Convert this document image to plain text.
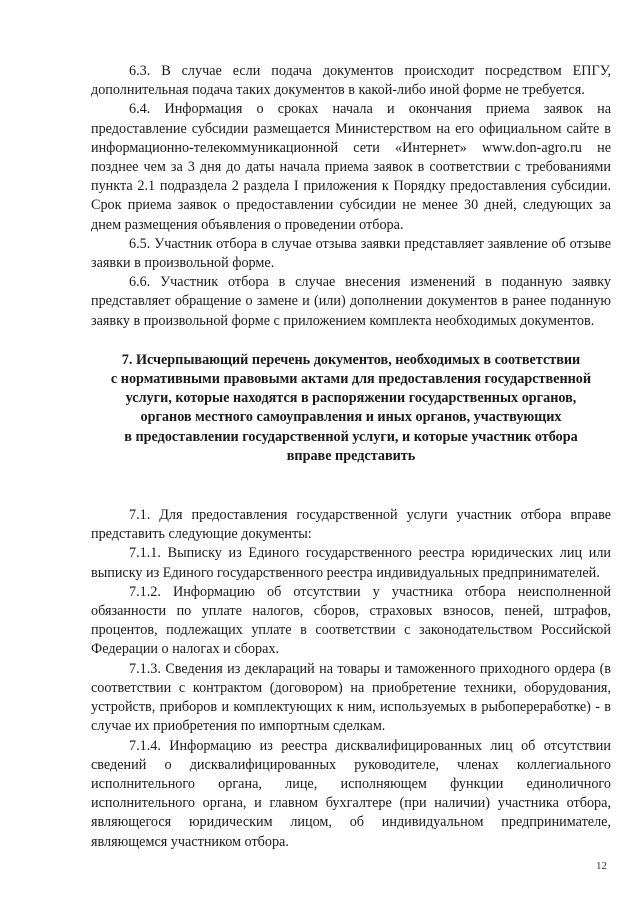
6.3. В случае если подача документов происходит посредством ЕПГУ, дополнительная подача таких документов в какой-либо иной форме не требуется.

6.4. Информация о сроках начала и окончания приема заявок на предоставление субсидии размещается Министерством на его официальном сайте в информационно-телекоммуникационной сети «Интернет» www.don-agro.ru не позднее чем за 3 дня до даты начала приема заявок в соответствии с требованиями пункта 2.1 подраздела 2 раздела I приложения к Порядку предоставления субсидии. Срок приема заявок о предоставлении субсидии не менее 30 дней, следующих за днем размещения объявления о проведении отбора.

6.5. Участник отбора в случае отзыва заявки представляет заявление об отзыве заявки в произвольной форме.

6.6. Участник отбора в случае внесения изменений в поданную заявку представляет обращение о замене и (или) дополнении документов в ранее поданную заявку в произвольной форме с приложением комплекта необходимых документов.

7. Исчерпывающий перечень документов, необходимых в соответствии
с нормативными правовыми актами для предоставления государственной
услуги, которые находятся в распоряжении государственных органов,
органов местного самоуправления и иных органов, участвующих
в предоставлении государственной услуги, и которые участник отбора
вправе представить

7.1. Для предоставления государственной услуги участник отбора вправе представить следующие документы:

7.1.1. Выписку из Единого государственного реестра юридических лиц или выписку из Единого государственного реестра индивидуальных предпринимателей.

7.1.2. Информацию об отсутствии у участника отбора неисполненной обязанности по уплате налогов, сборов, страховых взносов, пеней, штрафов, процентов, подлежащих уплате в соответствии с законодательством Российской Федерации о налогах и сборах.

7.1.3. Сведения из деклараций на товары и таможенного приходного ордера (в соответствии с контрактом (договором) на приобретение техники, оборудования, устройств, приборов и комплектующих к ним, используемых в рыбопереработке) - в случае их приобретения по импортным сделкам.

7.1.4. Информацию из реестра дисквалифицированных лиц об отсутствии сведений о дисквалифицированных руководителе, членах коллегиального исполнительного органа, лице, исполняющем функции единоличного исполнительного органа, и главном бухгалтере (при наличии) участника отбора, являющегося юридическим лицом, об индивидуальном предпринимателе, являющемся участником отбора.

12
